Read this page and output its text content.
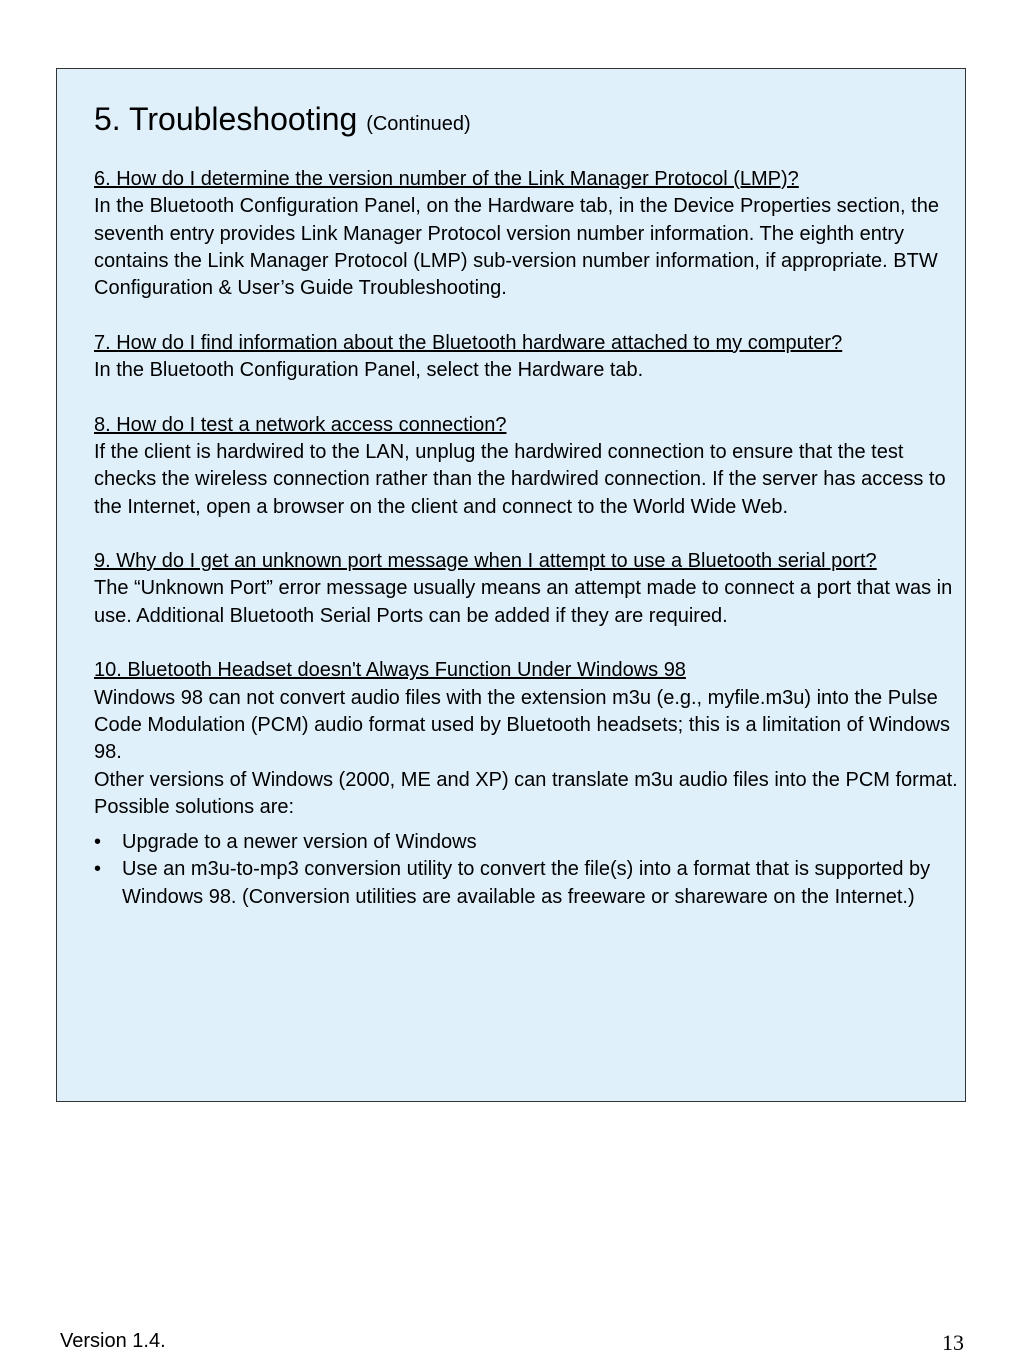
5. Troubleshooting (Continued)

6. How do I determine the version number of the Link Manager Protocol (LMP)?

In the Bluetooth Configuration Panel, on the Hardware tab, in the Device Properties section, the seventh entry provides Link Manager Protocol version number information. The eighth entry contains the Link Manager Protocol (LMP) sub-version number information, if appropriate. BTW Configuration & User’s Guide Troubleshooting.

7. How do I find information about the Bluetooth hardware attached to my computer?

In the Bluetooth Configuration Panel, select the Hardware tab.

8. How do I test a network access connection?

If the client is hardwired to the LAN, unplug the hardwired connection to ensure that the test checks the wireless connection rather than the hardwired connection. If the server has access to the Internet, open a browser on the client and connect to the World Wide Web.

9. Why do I get an unknown port message when I attempt to use a Bluetooth serial port?

The “Unknown Port” error message usually means an attempt made to connect a port that was in use. Additional Bluetooth Serial Ports can be added if they are required.

10. Bluetooth Headset doesn't Always Function Under Windows 98

Windows 98 can not convert audio files with the extension m3u (e.g., myfile.m3u) into the Pulse Code Modulation (PCM) audio format used by Bluetooth headsets; this is a limitation of Windows 98.

Other versions of Windows (2000, ME and XP) can translate m3u audio files into the PCM format.

Possible solutions are:

• Upgrade to a newer version of Windows
• Use an m3u-to-mp3 conversion utility to convert the file(s) into a format that is supported by Windows 98. (Conversion utilities are available as freeware or shareware on the Internet.)
Version 1.4.	13
